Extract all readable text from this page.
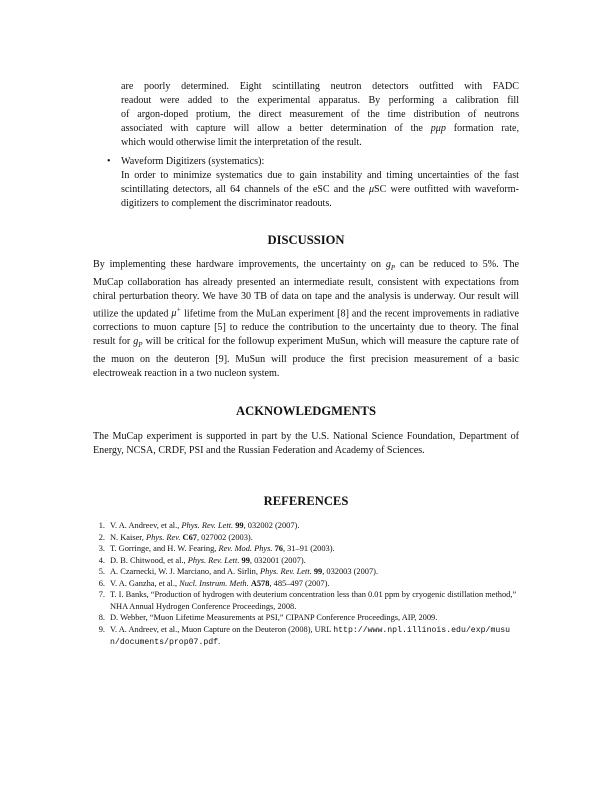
are poorly determined. Eight scintillating neutron detectors outfitted with FADC
readout were added to the experimental apparatus. By performing a calibration fill
of argon-doped protium, the direct measurement of the time distribution of neutrons
associated with capture will allow a better determination of the pμp formation rate,
which would otherwise limit the interpretation of the result.
• Waveform Digitizers (systematics):
In order to minimize systematics due to gain instability and timing uncertainties of the fast scintillating detectors, all 64 channels of the eSC and the μSC were outfitted with waveform-digitizers to complement the discriminator readouts.
DISCUSSION
By implementing these hardware improvements, the uncertainty on $g_P$ can be reduced to 5%. The MuCap collaboration has already presented an intermediate result, consistent with expectations from chiral perturbation theory. We have 30 TB of data on tape and the analysis is underway. Our result will utilize the updated μ+ lifetime from the MuLan experiment [8] and the recent improvements in radiative corrections to muon capture [5] to reduce the contribution to the uncertainty due to theory. The final result for $g_P$ will be critical for the followup experiment MuSun, which will measure the capture rate of the muon on the deuteron [9]. MuSun will produce the first precision measurement of a basic electroweak reaction in a two nucleon system.
ACKNOWLEDGMENTS
The MuCap experiment is supported in part by the U.S. National Science Foundation, Department of Energy, NCSA, CRDF, PSI and the Russian Federation and Academy of Sciences.
REFERENCES
1. V. A. Andreev, et al., Phys. Rev. Lett. 99, 032002 (2007).
2. N. Kaiser, Phys. Rev. C67, 027002 (2003).
3. T. Gorringe, and H. W. Fearing, Rev. Mod. Phys. 76, 31–91 (2003).
4. D. B. Chitwood, et al., Phys. Rev. Lett. 99, 032001 (2007).
5. A. Czarnecki, W. J. Marciano, and A. Sirlin, Phys. Rev. Lett. 99, 032003 (2007).
6. V. A. Ganzha, et al., Nucl. Instrum. Meth. A578, 485–497 (2007).
7. T. I. Banks, “Production of hydrogen with deuterium concentration less than 0.01 ppm by cryogenic distillation method,” NHA Annual Hydrogen Conference Proceedings, 2008.
8. D. Webber, “Muon Lifetime Measurements at PSI,” CIPANP Conference Proceedings, AIP, 2009.
9. V. A. Andreev, et al., Muon Capture on the Deuteron (2008), URL http://www.npl.illinois.edu/exp/musun/documents/prop07.pdf.
